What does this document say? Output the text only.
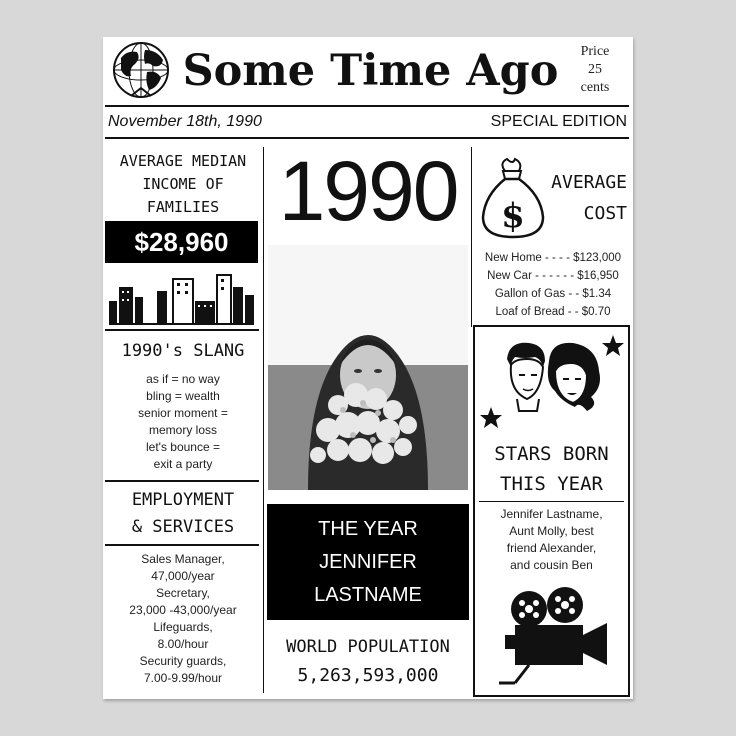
Some Time Ago	Price
25
cents
November 18th, 1990	SPECIAL EDITION
AVERAGE MEDIAN
INCOME OF
FAMILIES
$28,960
1990's SLANG
as if = no way
bling = wealth
senior moment =
memory loss
let's bounce =
exit a party
EMPLOYMENT
& SERVICES
Sales Manager,
47,000/year
Secretary,
23,000 -43,000/year
Lifeguards,
8.00/hour
Security guards,
7.00-9.99/hour
1990
THE YEAR
JENNIFER LASTNAME
WAS BORN
WORLD POPULATION
5,263,593,000
$
AVERAGE
COST
New Home - - - - $123,000
New Car - - - - - - $16,950
Gallon of Gas - - $1.34
Loaf of Bread - - $0.70
STARS BORN
THIS YEAR
Jennifer Lastname,
Aunt Molly, best
friend Alexander,
and cousin Ben
